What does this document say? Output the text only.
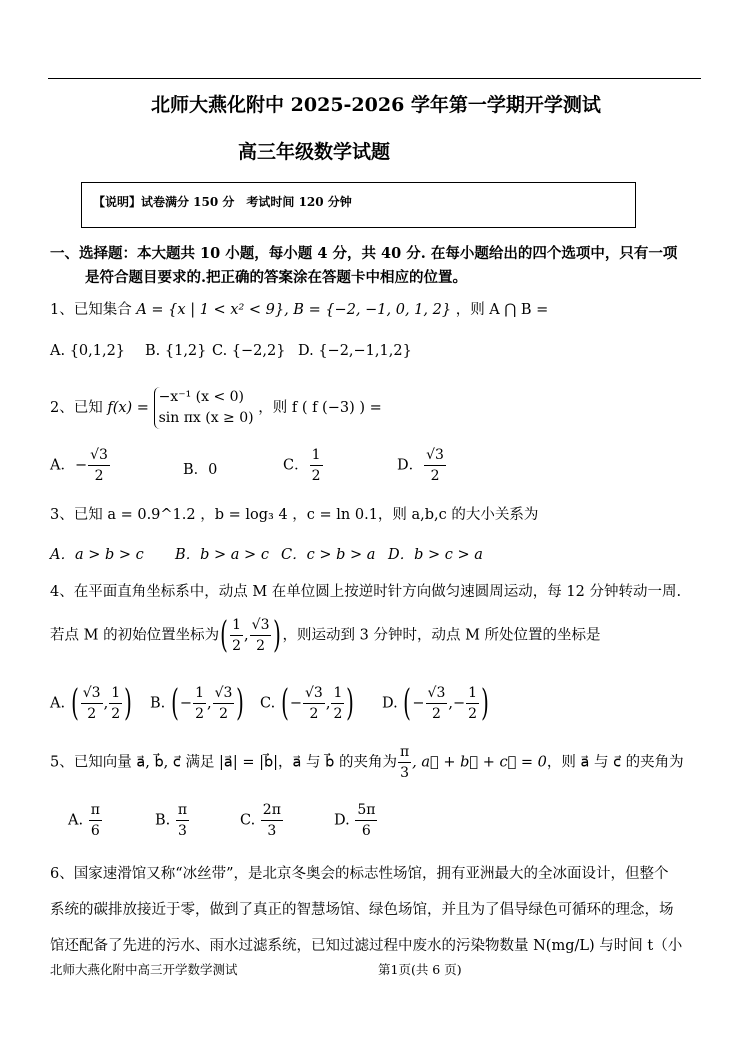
北师大燕化附中 2025-2026 学年第一学期开学测试
高三年级数学试题
【说明】试卷满分 150 分　考试时间 120 分钟
一、选择题：本大题共 10 小题，每小题 4 分，共 40 分. 在每小题给出的四个选项中，只有一项
是符合题目要求的.把正确的答案涂在答题卡中相应的位置。
1、已知集合 A = {x | 1 < x² < 9}, B = {−2, −1, 0, 1, 2} ，则 A ⋂ B =
A. {0,1,2} B. {1,2} C. {−2,2} D. {−2,−1,1,2}
2、已知 f(x) =
−x⁻¹ (x < 0)
sin πx (x ≥ 0)
，则 f ( f (−3) ) =
A．− $\frac{√3}{2}$	B．0	C． $\frac{1}{2}$	D． $\frac{√3}{2}$
3、已知 a = 0.9^1.2 ，b = log₃ 4 ，c = ln 0.1，则 a,b,c 的大小关系为
A．a > b > c B．b > a > c C．c > b > a D．b > c > a
4、在平面直角坐标系中，动点 M 在单位圆上按逆时针方向做匀速圆周运动，每 12 分钟转动一周.
若点 M 的初始位置坐标为( $\frac{1}{2}$ , $\frac{√3}{2}$ )，则运动到 3 分钟时，动点 M 所处位置的坐标是
A. ( $\frac{√3}{2}$ , $\frac{1}{2}$ ) B. (− $\frac{1}{2}$ , $\frac{√3}{2}$ ) C. (− $\frac{√3}{2}$ , $\frac{1}{2}$ ) D. (− $\frac{√3}{2}$ ,− $\frac{1}{2}$ )
5、已知向量 a⃗, b⃗, c⃗ 满足 |a⃗| = |b⃗|，a⃗ 与 b⃗ 的夹角为 $\frac{\pi}{3}$ , a⃗ + b⃗ + c⃗ = 0，则 a⃗ 与 c⃗ 的夹角为
A. $\frac{\pi}{6}$	B. $\frac{\pi}{3}$	C. $\frac{2\pi}{3}$	D. $\frac{5\pi}{6}$
6、国家速滑馆又称“冰丝带”，是北京冬奥会的标志性场馆，拥有亚洲最大的全冰面设计，但整个
系统的碳排放接近于零，做到了真正的智慧场馆、绿色场馆，并且为了倡导绿色可循环的理念，场
馆还配备了先进的污水、雨水过滤系统，已知过滤过程中废水的污染物数量 N(mg/L) 与时间 t（小
北师大燕化附中高三开学数学测试	第1页(共 6 页)
